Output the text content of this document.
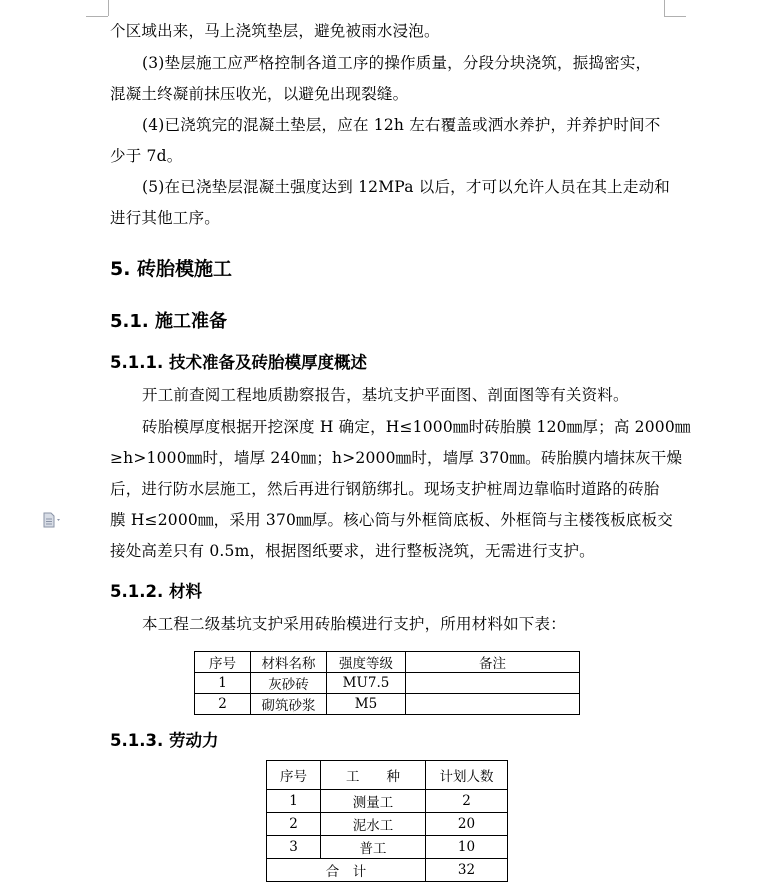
个区域出来，马上浇筑垫层，避免被雨水浸泡。
(3)垫层施工应严格控制各道工序的操作质量，分段分块浇筑，振捣密实，
混凝土终凝前抹压收光，以避免出现裂缝。
(4)已浇筑完的混凝土垫层，应在 12h 左右覆盖或洒水养护，并养护时间不
少于 7d。
(5)在已浇垫层混凝土强度达到 12MPa 以后，才可以允许人员在其上走动和
进行其他工序。
5. 砖胎模施工
5.1. 施工准备
5.1.1. 技术准备及砖胎模厚度概述
开工前查阅工程地质勘察报告，基坑支护平面图、剖面图等有关资料。
砖胎模厚度根据开挖深度 H 确定，H≤1000㎜时砖胎膜 120㎜厚；高 2000㎜
≥h>1000㎜时，墙厚 240㎜；h>2000㎜时，墙厚 370㎜。砖胎膜内墙抹灰干燥
后，进行防水层施工，然后再进行钢筋绑扎。现场支护桩周边靠临时道路的砖胎
膜 H≤2000㎜，采用 370㎜厚。核心筒与外框筒底板、外框筒与主楼筏板底板交
接处高差只有 0.5m，根据图纸要求，进行整板浇筑，无需进行支护。
5.1.2. 材料
本工程二级基坑支护采用砖胎模进行支护，所用材料如下表：
序号	材料名称	强度等级	备注
1	灰砂砖	MU7.5	
2	砌筑砂浆	M5	
5.1.3. 劳动力
序号	工　　种	计划人数
1	测量工	2
2	泥水工	20
3	普工	10
合　计		32
